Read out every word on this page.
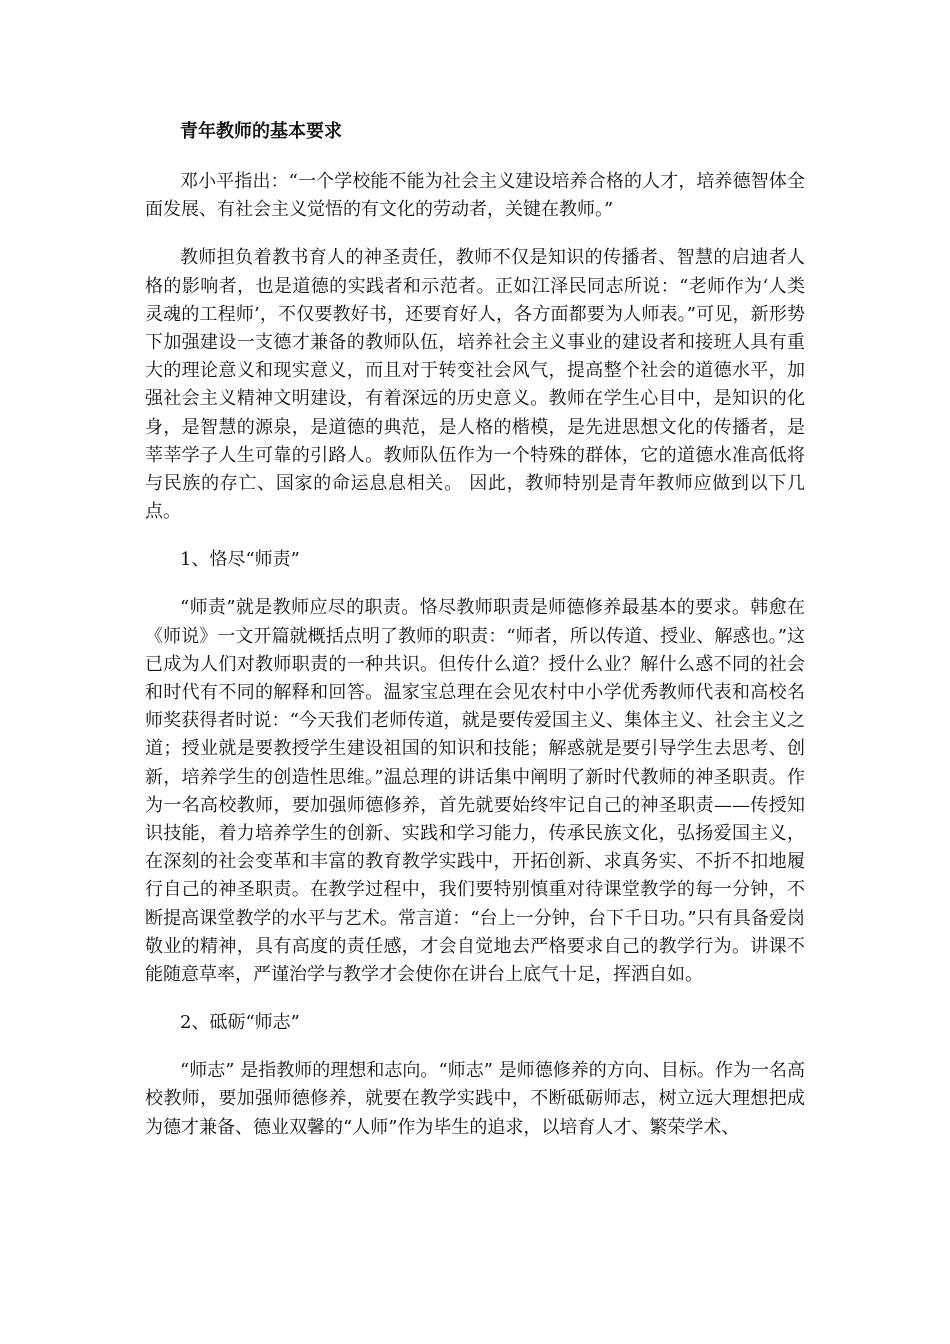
青年教师的基本要求

邓小平指出：“一个学校能不能为社会主义建设培养合格的人才，培养德智体全面发展、有社会主义觉悟的有文化的劳动者，关键在教师。”

教师担负着教书育人的神圣责任，教师不仅是知识的传播者、智慧的启迪者人格的影响者，也是道德的实践者和示范者。正如江泽民同志所说：“老师作为‘人类灵魂的工程师’，不仅要教好书，还要育好人，各方面都要为人师表。”可见，新形势下加强建设一支德才兼备的教师队伍，培养社会主义事业的建设者和接班人具有重大的理论意义和现实意义，而且对于转变社会风气，提高整个社会的道德水平，加强社会主义精神文明建设，有着深远的历史意义。教师在学生心目中，是知识的化身，是智慧的源泉，是道德的典范，是人格的楷模，是先进思想文化的传播者，是莘莘学子人生可靠的引路人。教师队伍作为一个特殊的群体，它的道德水准高低将与民族的存亡、国家的命运息息相关。 因此，教师特别是青年教师应做到以下几点。

1、恪尽“师责”

“师责”就是教师应尽的职责。恪尽教师职责是师德修养最基本的要求。韩愈在《师说》一文开篇就概括点明了教师的职责：“师者，所以传道、授业、解惑也。”这已成为人们对教师职责的一种共识。但传什么道？授什么业？解什么惑不同的社会和时代有不同的解释和回答。温家宝总理在会见农村中小学优秀教师代表和高校名师奖获得者时说：“今天我们老师传道，就是要传爱国主义、集体主义、社会主义之道；授业就是要教授学生建设祖国的知识和技能；解惑就是要引导学生去思考、创新，培养学生的创造性思维。”温总理的讲话集中阐明了新时代教师的神圣职责。作为一名高校教师，要加强师德修养，首先就要始终牢记自己的神圣职责——传授知识技能，着力培养学生的创新、实践和学习能力，传承民族文化，弘扬爱国主义，在深刻的社会变革和丰富的教育教学实践中，开拓创新、求真务实、不折不扣地履行自己的神圣职责。在教学过程中，我们要特别慎重对待课堂教学的每一分钟，不断提高课堂教学的水平与艺术。常言道：“台上一分钟，台下千日功。”只有具备爱岗敬业的精神，具有高度的责任感，才会自觉地去严格要求自己的教学行为。讲课不能随意草率，严谨治学与教学才会使你在讲台上底气十足，挥洒自如。

2、砥砺“师志”

“师志” 是指教师的理想和志向。“师志” 是师德修养的方向、目标。作为一名高校教师，要加强师德修养，就要在教学实践中，不断砥砺师志，树立远大理想把成为德才兼备、德业双馨的“人师”作为毕生的追求，以培育人才、繁荣学术、
